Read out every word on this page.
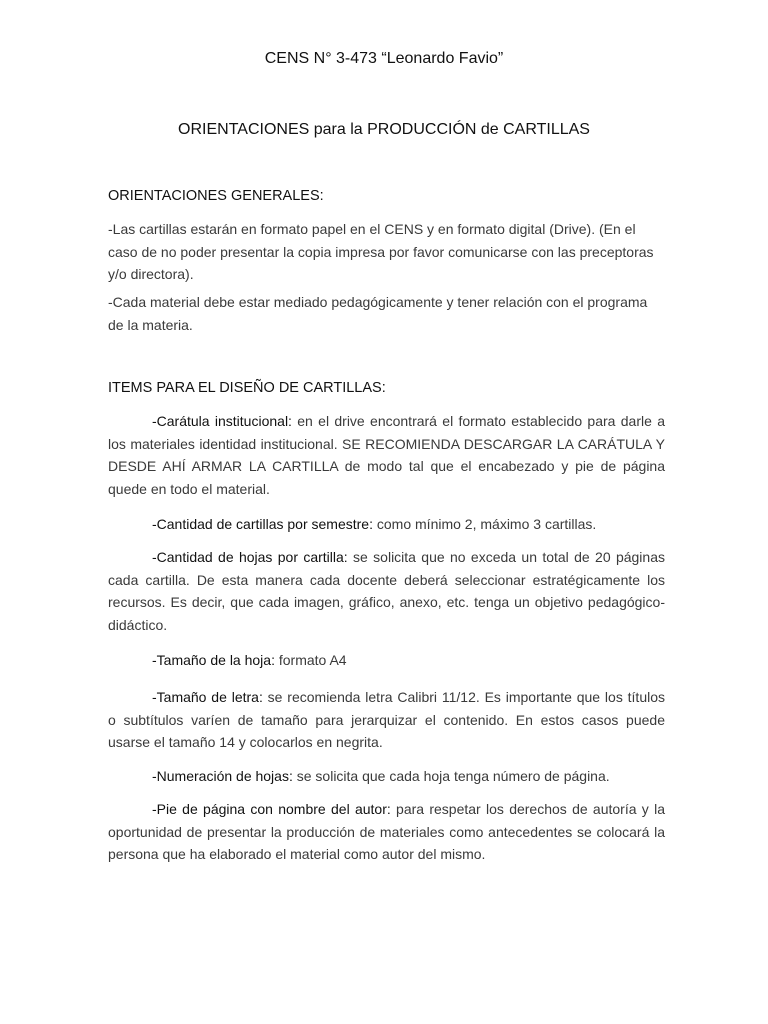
CENS N° 3-473 “Leonardo Favio”
ORIENTACIONES para la PRODUCCIÓN de CARTILLAS
ORIENTACIONES GENERALES:
-Las cartillas estarán en formato papel en el CENS y en formato digital (Drive). (En el caso de no poder presentar la copia impresa por favor comunicarse con las preceptoras y/o directora).
-Cada material debe estar mediado pedagógicamente y tener relación con el programa de la materia.
ITEMS PARA EL DISEÑO DE CARTILLAS:
-Carátula institucional: en el drive encontrará el formato establecido para darle a los materiales identidad institucional. SE RECOMIENDA DESCARGAR LA CARÁTULA Y DESDE AHÍ ARMAR LA CARTILLA de modo tal que el encabezado y pie de página quede en todo el material.
-Cantidad de cartillas por semestre: como mínimo 2, máximo 3 cartillas.
-Cantidad de hojas por cartilla: se solicita que no exceda un total de 20 páginas cada cartilla. De esta manera cada docente deberá seleccionar estratégicamente los recursos. Es decir, que cada imagen, gráfico, anexo, etc. tenga un objetivo pedagógico-didáctico.
-Tamaño de la hoja: formato A4
-Tamaño de letra: se recomienda letra Calibri 11/12. Es importante que los títulos o subtítulos varíen de tamaño para jerarquizar el contenido. En estos casos puede usarse el tamaño 14 y colocarlos en negrita.
-Numeración de hojas: se solicita que cada hoja tenga número de página.
-Pie de página con nombre del autor: para respetar los derechos de autoría y la oportunidad de presentar la producción de materiales como antecedentes se colocará la persona que ha elaborado el material como autor del mismo.
